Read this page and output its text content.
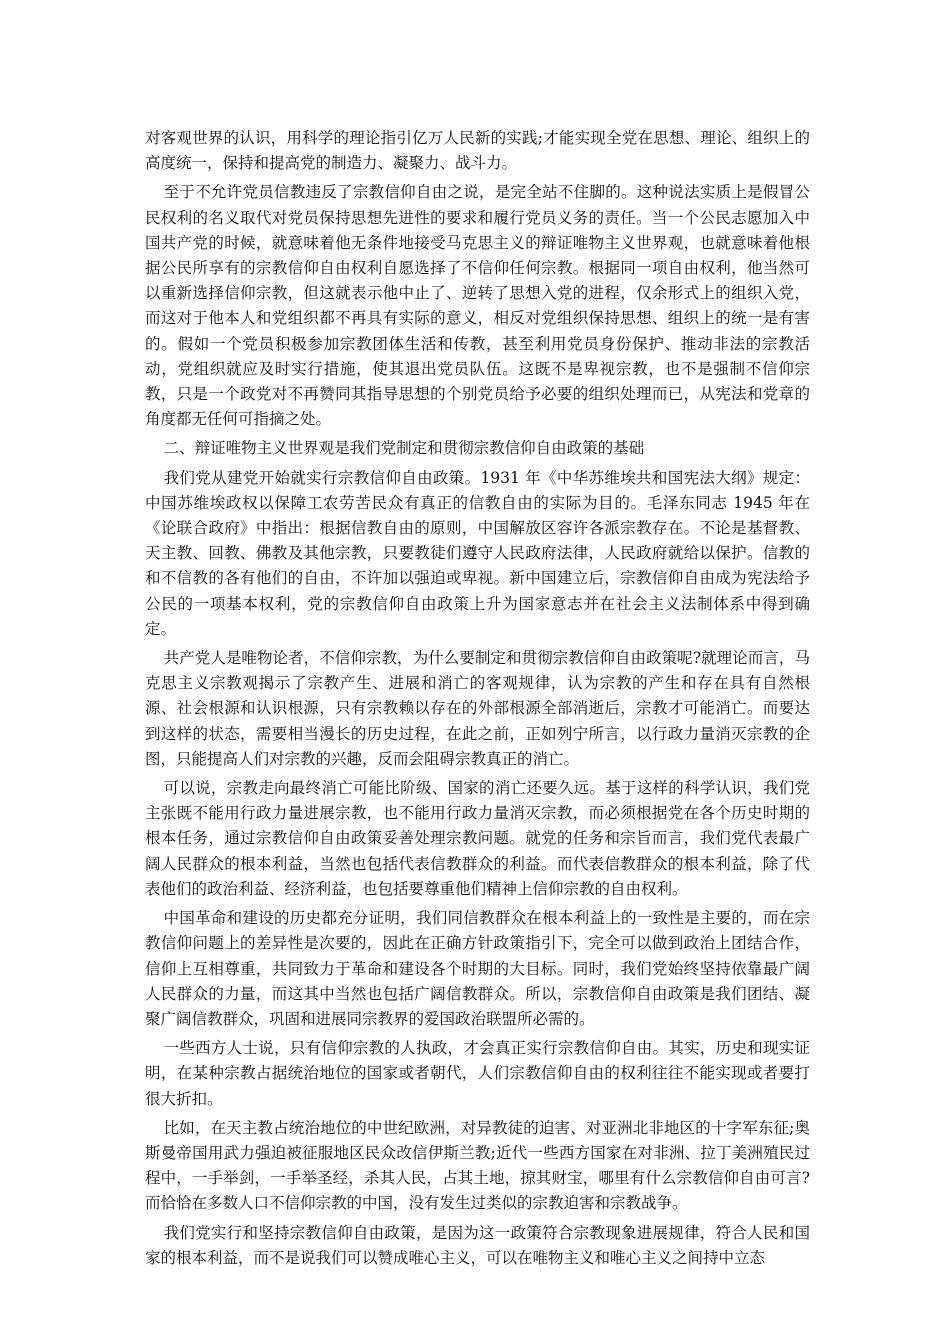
对客观世界的认识，用科学的理论指引亿万人民新的实践;才能实现全党在思想、理论、组织上的高度统一，保持和提高党的制造力、凝聚力、战斗力。

至于不允许党员信教违反了宗教信仰自由之说，是完全站不住脚的。这种说法实质上是假冒公民权利的名义取代对党员保持思想先进性的要求和履行党员义务的责任。当一个公民志愿加入中国共产党的时候，就意味着他无条件地接受马克思主义的辩证唯物主义世界观，也就意味着他根据公民所享有的宗教信仰自由权利自愿选择了不信仰任何宗教。根据同一项自由权利，他当然可以重新选择信仰宗教，但这就表示他中止了、逆转了思想入党的进程，仅余形式上的组织入党，而这对于他本人和党组织都不再具有实际的意义，相反对党组织保持思想、组织上的统一是有害的。假如一个党员积极参加宗教团体生活和传教，甚至利用党员身份保护、推动非法的宗教活动，党组织就应及时实行措施，使其退出党员队伍。这既不是卑视宗教，也不是强制不信仰宗教，只是一个政党对不再赞同其指导思想的个别党员给予必要的组织处理而已，从宪法和党章的角度都无任何可指摘之处。

二、辩证唯物主义世界观是我们党制定和贯彻宗教信仰自由政策的基础

我们党从建党开始就实行宗教信仰自由政策。1931 年《中华苏维埃共和国宪法大纲》规定：中国苏维埃政权以保障工农劳苦民众有真正的信教自由的实际为目的。毛泽东同志 1945 年在《论联合政府》中指出：根据信教自由的原则，中国解放区容许各派宗教存在。不论是基督教、天主教、回教、佛教及其他宗教，只要教徒们遵守人民政府法律，人民政府就给以保护。信教的和不信教的各有他们的自由，不许加以强迫或卑视。新中国建立后，宗教信仰自由成为宪法给予公民的一项基本权利，党的宗教信仰自由政策上升为国家意志并在社会主义法制体系中得到确定。

共产党人是唯物论者，不信仰宗教，为什么要制定和贯彻宗教信仰自由政策呢?就理论而言，马克思主义宗教观揭示了宗教产生、进展和消亡的客观规律，认为宗教的产生和存在具有自然根源、社会根源和认识根源，只有宗教赖以存在的外部根源全部消逝后，宗教才可能消亡。而要达到这样的状态，需要相当漫长的历史过程，在此之前，正如列宁所言，以行政力量消灭宗教的企图，只能提高人们对宗教的兴趣，反而会阻碍宗教真正的消亡。

可以说，宗教走向最终消亡可能比阶级、国家的消亡还要久远。基于这样的科学认识，我们党主张既不能用行政力量进展宗教，也不能用行政力量消灭宗教，而必须根据党在各个历史时期的根本任务，通过宗教信仰自由政策妥善处理宗教问题。就党的任务和宗旨而言，我们党代表最广阔人民群众的根本利益，当然也包括代表信教群众的利益。而代表信教群众的根本利益，除了代表他们的政治利益、经济利益，也包括要尊重他们精神上信仰宗教的自由权利。

中国革命和建设的历史都充分证明，我们同信教群众在根本利益上的一致性是主要的，而在宗教信仰问题上的差异性是次要的，因此在正确方针政策指引下，完全可以做到政治上团结合作，信仰上互相尊重，共同致力于革命和建设各个时期的大目标。同时，我们党始终坚持依靠最广阔人民群众的力量，而这其中当然也包括广阔信教群众。所以，宗教信仰自由政策是我们团结、凝聚广阔信教群众，巩固和进展同宗教界的爱国政治联盟所必需的。

一些西方人士说，只有信仰宗教的人执政，才会真正实行宗教信仰自由。其实，历史和现实证明，在某种宗教占据统治地位的国家或者朝代，人们宗教信仰自由的权利往往不能实现或者要打很大折扣。

比如，在天主教占统治地位的中世纪欧洲，对异教徒的迫害、对亚洲北非地区的十字军东征;奥斯曼帝国用武力强迫被征服地区民众改信伊斯兰教;近代一些西方国家在对非洲、拉丁美洲殖民过程中，一手举剑，一手举圣经，杀其人民，占其土地，掠其财宝，哪里有什么宗教信仰自由可言?而恰恰在多数人口不信仰宗教的中国，没有发生过类似的宗教迫害和宗教战争。

我们党实行和坚持宗教信仰自由政策，是因为这一政策符合宗教现象进展规律，符合人民和国家的根本利益，而不是说我们可以赞成唯心主义，可以在唯物主义和唯心主义之间持中立态
